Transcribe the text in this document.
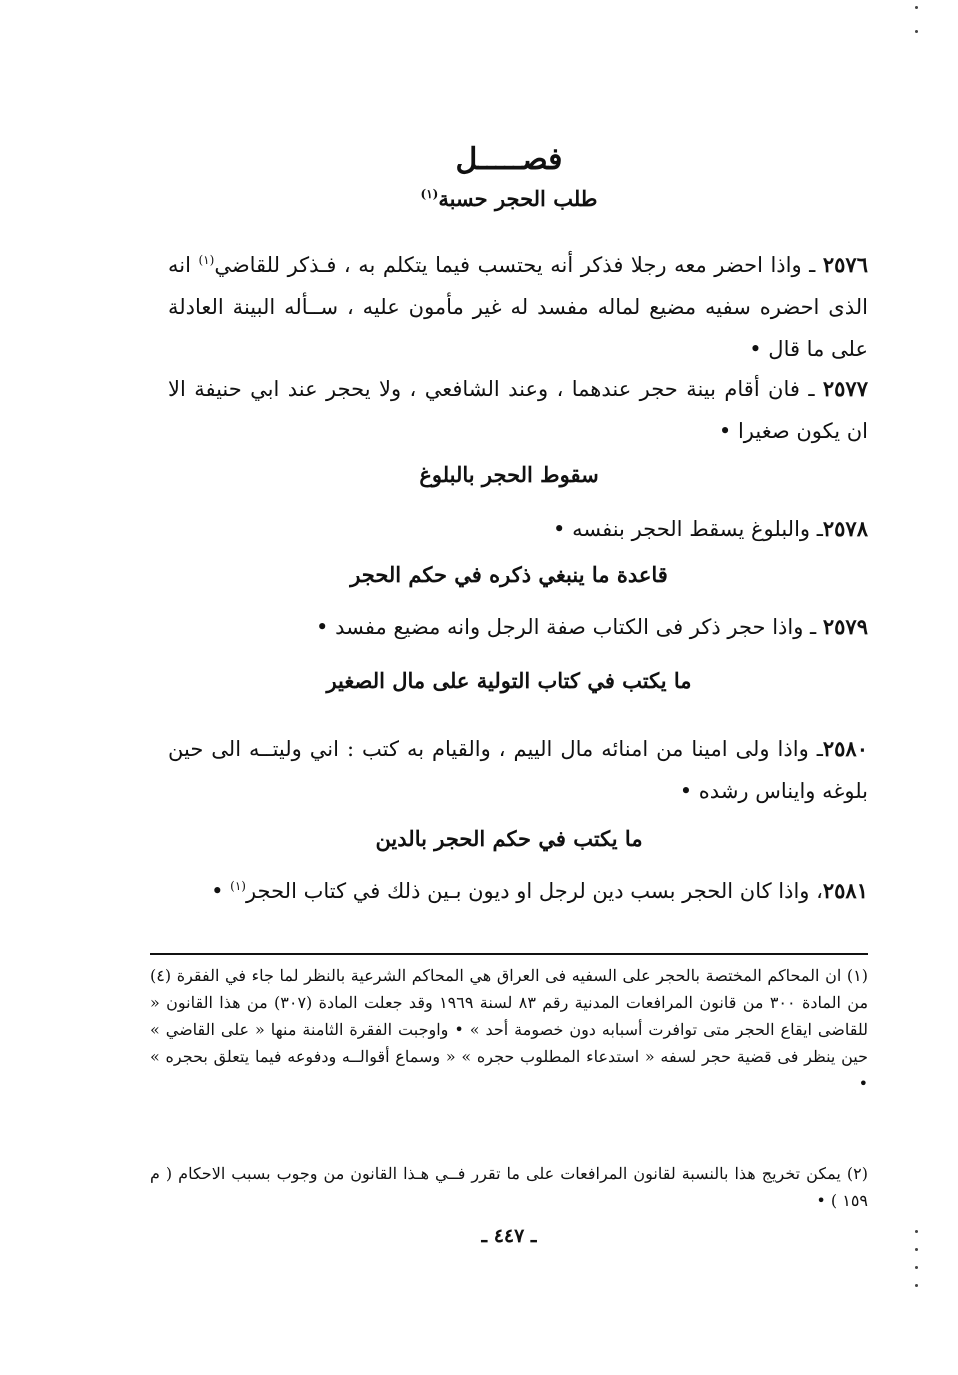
فصـــــل
طلب الحجر حسبة$^{(١)}$

٢٥٧٦ ـ واذا احضر معه رجلا فذكر أنه يحتسب فيما يتكلم به ، فـذكر للقاضي$^{(١)}$ انه الذى احضره سفيه مضيع لماله مفسد له غير مأمون عليه ، ســأله البينة العادلة على ما قال •

٢٥٧٧ ـ فان أقام بينة حجر عندهما ، وعند الشافعي ، ولا يحجر عند ابي حنيفة الا ان يكون صغيرا •

سقوط الحجر بالبلوغ

٢٥٧٨ـ والبلوغ يسقط الحجر بنفسه •

قاعدة ما ينبغي ذكره في حكم الحجر

٢٥٧٩ ـ واذا حجر ذكر فى الكتاب صفة الرجل وانه مضيع مفسد •

ما يكتب في كتاب التولية على مال الصغير

٢٥٨٠ـ واذا ولى امينا من امنائه مال الييم ، والقيام به كتب : اني وليتــه الى حين بلوغه وايناس رشده •

ما يكتب في حكم الحجر بالدين

٢٥٨١، واذا كان الحجر بسب دين لرجل او ديون بـين ذلك في كتاب الحجر$^{(١)}$ •

(١) ان المحاكم المختصة بالحجر على السفيه فى العراق هي المحاكم الشرعية بالنظر لما جاء في الفقرة (٤) من المادة ٣٠٠ من قانون المرافعات المدنية رقم ٨٣ لسنة ١٩٦٩ وقد جعلت المادة (٣٠٧) من هذا القانون « للقاضى ايقاع الحجر متى توافرت أسبابه دون خصومة أحد » • واوجبت الفقرة الثامنة منها « على القاضي » حين ينظر فى قضية حجر لسفه « استدعاء المطلوب حجره » « وسماع أقوالــه ودفوعه فيما يتعلق بحجره » •

(٢) يمكن تخريج هذا بالنسبة لقانون المرافعات على ما تقرر فــي هـذا القانون من وجوب بسبب الاحكام ( م ١٥٩ ) •

ـ ٤٤٧ ـ
